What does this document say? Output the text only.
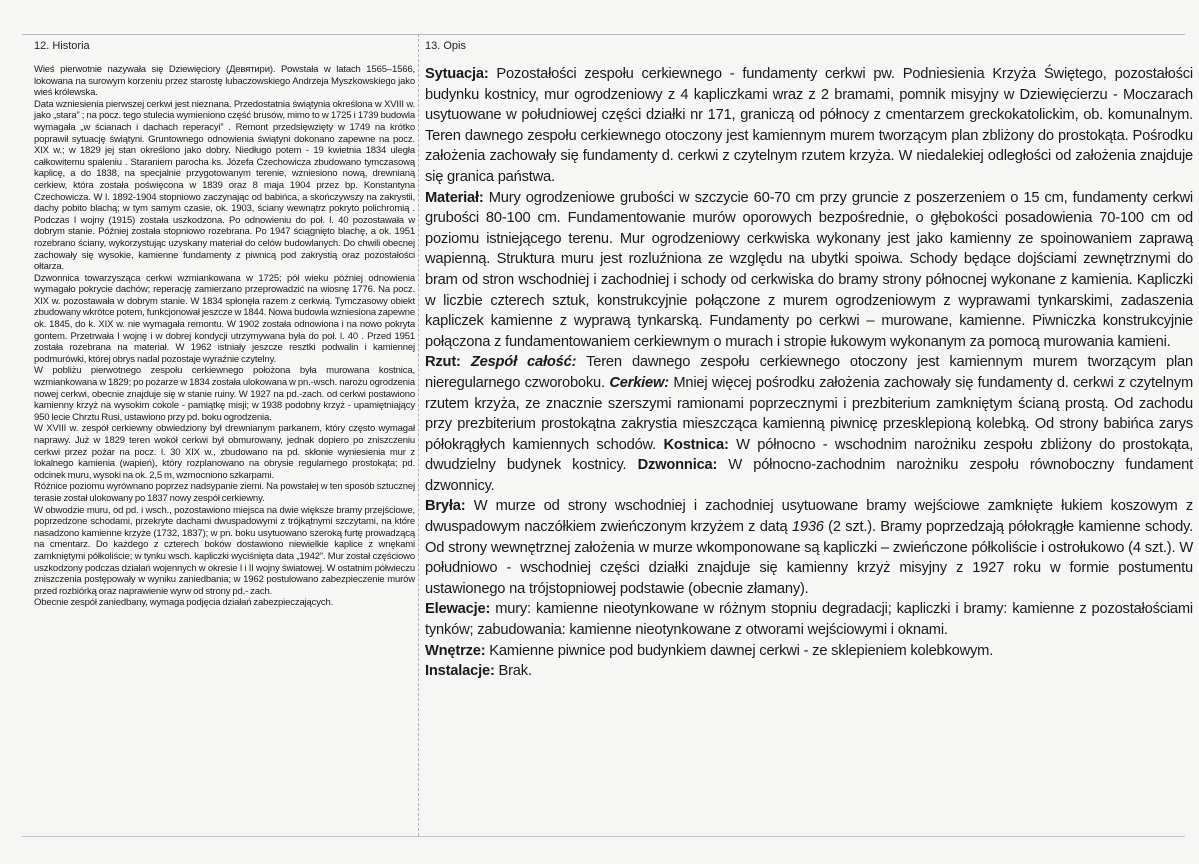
12. Historia

Wieś pierwotnie nazywała się Dziewięciory (Девятири). Powstała w latach 1565–1566, lokowana na surowym korzeniu przez starostę lubaczowskiego Andrzeja Myszkowskiego jako wieś królewska.

Data wzniesienia pierwszej cerkwi jest nieznana. Przedostatnia świątynia określona w XVIII w. jako „stara” ; na pocz. tego stulecia wymieniono część brusów, mimo to w 1725 i 1739 budowla wymagała „w ścianach i dachach reperacyi” . Remont przedsięwzięty w 1749 na krótko poprawił sytuację świątyni. Gruntownego odnowienia świątyni dokonano zapewne na pocz. XIX w.; w 1829 jej stan określono jako dobry. Niedługo potem - 19 kwietnia 1834 uległa całkowitemu spaleniu . Staraniem parocha ks. Józefa Czechowicza zbudowano tymczasową kaplicę, a do 1838, na specjalnie przygotowanym terenie, wzniesiono nową, drewnianą cerkiew, która została poświęcona w 1839 oraz 8 maja 1904 przez bp. Konstantyna Czechowicza. W l. 1892-1904 stopniowo zaczynając od babińca, a skończywszy na zakrystii, dachy pobito blachą; w tym samym czasie, ok. 1903, ściany wewnątrz pokryto polichromią . Podczas I wojny (1915) została uszkodzona. Po odnowieniu do poł. l. 40 pozostawała w dobrym stanie. Później została stopniowo rozebrana. Po 1947 ściągnięto blachę, a ok. 1951 rozebrano ściany, wykorzystując uzyskany materiał do celów budowlanych. Do chwili obecnej zachowały się wysokie, kamienne fundamenty z piwnicą pod zakrystią oraz pozostałości ołtarza.

Dzwonnica towarzysząca cerkwi wzmiankowana w 1725; pół wieku później odnowienia wymagało pokrycie dachów; reperację zamierzano przeprowadzić na wiosnę 1776. Na pocz. XIX w. pozostawała w dobrym stanie. W 1834 spłonęła razem z cerkwią. Tymczasowy obiekt zbudowany wkrótce potem, funkcjonował jeszcze w 1844. Nowa budowla wzniesiona zapewne ok. 1845, do k. XIX w. nie wymagała remontu. W 1902 została odnowiona i na nowo pokryta gontem. Przetrwała I wojnę i w dobrej kondycji utrzymywana była do poł. l. 40 . Przed 1951 została rozebrana na materiał. W 1962 istniały jeszcze resztki podwalin i kamiennej podmurówki, której obrys nadal pozostaje wyraźnie czytelny.

W pobliżu pierwotnego zespołu cerkiewnego położona była murowana kostnica, wzmiankowana w 1829; po pożarze w 1834 została ulokowana w pn.-wsch. narożu ogrodzenia nowej cerkwi, obecnie znajduje się w stanie ruiny. W 1927 na pd.-zach. od cerkwi postawiono kamienny krzyż na wysokim cokole - pamiątkę misji; w 1938 podobny krzyż - upamiętniający 950 lecie Chrztu Rusi, ustawiono przy pd. boku ogrodzenia.

W XVIII w. zespół cerkiewny obwiedziony był drewnianym parkanem, który często wymagał naprawy. Już w 1829 teren wokół cerkwi był obmurowany, jednak dopiero po zniszczeniu cerkwi przez pożar na pocz. l. 30 XIX w., zbudowano na pd. skłonie wyniesienia mur z lokalnego kamienia (wapień), który rozplanowano na obrysie regularnego prostokąta; pd. odcinek muru, wysoki na ok. 2,5 m, wzmocniono szkarpami.

Różnice poziomu wyrównano poprzez nadsypanie ziemi. Na powstałej w ten sposób sztucznej terasie został ulokowany po 1837 nowy zespół cerkiewny.

W obwodzie muru, od pd. i wsch., pozostawiono miejsca na dwie większe bramy przejściowe, poprzedzone schodami, przekryte dachami dwuspadowymi z trójkątnymi szczytami, na które nasadzono kamienne krzyże (1732, 1837); w pn. boku usytuowano szeroką furtę prowadzącą na cmentarz. Do każdego z czterech boków dostawiono niewielkie kaplice z wnękami zamkniętymi półkoliście; w tynku wsch. kapliczki wyciśnięta data „1942”. Mur został częściowo uszkodzony podczas działań wojennych w okresie I i II wojny światowej. W ostatnim półwieczu zniszczenia postępowały w wyniku zaniedbania; w 1962 postulowano zabezpieczenie murów przed rozbiórką oraz naprawienie wyrw od strony pd.- zach.

Obecnie zespół zaniedbany, wymaga podjęcia działań zabezpieczających.

13. Opis

Sytuacja: Pozostałości zespołu cerkiewnego - fundamenty cerkwi pw. Podniesienia Krzyża Świętego, pozostałości budynku kostnicy, mur ogrodzeniowy z 4 kapliczkami wraz z 2 bramami, pomnik misyjny w Dziewięcierzu - Moczarach usytuowane w południowej części działki nr 171, graniczą od północy z cmentarzem greckokatolickim, ob. komunalnym. Teren dawnego zespołu cerkiewnego otoczony jest kamiennym murem tworzącym plan zbliżony do prostokąta. Pośrodku założenia zachowały się fundamenty d. cerkwi z czytelnym rzutem krzyża. W niedalekiej odległości od założenia znajduje się granica państwa.

Materiał: Mury ogrodzeniowe grubości w szczycie 60-70 cm przy gruncie z poszerzeniem o 15 cm, fundamenty cerkwi grubości 80-100 cm. Fundamentowanie murów oporowych bezpośrednie, o głębokości posadowienia 70-100 cm od poziomu istniejącego terenu. Mur ogrodzeniowy cerkwiska wykonany jest jako kamienny ze spoinowaniem zaprawą wapienną. Struktura muru jest rozluźniona ze względu na ubytki spoiwa. Schody będące dojściami zewnętrznymi do bram od stron wschodniej i zachodniej i schody od cerkwiska do bramy strony północnej wykonane z kamienia. Kapliczki w liczbie czterech sztuk, konstrukcyjnie połączone z murem ogrodzeniowym z wyprawami tynkarskimi, zadaszenia kapliczek kamienne z wyprawą tynkarską. Fundamenty po cerkwi – murowane, kamienne. Piwniczka konstrukcyjnie połączona z fundamentowaniem cerkiewnym o murach i stropie łukowym wykonanym za pomocą murowania kamieni.

Rzut: Zespół całość: Teren dawnego zespołu cerkiewnego otoczony jest kamiennym murem tworzącym plan nieregularnego czworoboku. Cerkiew: Mniej więcej pośrodku założenia zachowały się fundamenty d. cerkwi z czytelnym rzutem krzyża, ze znacznie szerszymi ramionami poprzecznymi i prezbiterium zamkniętym ścianą prostą. Od zachodu przy prezbiterium prostokątna zakrystia mieszcząca kamienną piwnicę przesklepioną kolebką. Od strony babińca zarys półokrągłych kamiennych schodów. Kostnica: W północno - wschodnim narożniku zespołu zbliżony do prostokąta, dwudzielny budynek kostnicy. Dzwonnica: W północno-zachodnim narożniku zespołu równoboczny fundament dzwonnicy.

Bryła: W murze od strony wschodniej i zachodniej usytuowane bramy wejściowe zamknięte łukiem koszowym z dwuspadowym naczółkiem zwieńczonym krzyżem z datą 1936 (2 szt.). Bramy poprzedzają półokrągłe kamienne schody. Od strony wewnętrznej założenia w murze wkomponowane są kapliczki – zwieńczone półkoliście i ostrołukowo (4 szt.). W południowo - wschodniej części działki znajduje się kamienny krzyż misyjny z 1927 roku w formie postumentu ustawionego na trójstopniowej podstawie (obecnie złamany).

Elewacje: mury: kamienne nieotynkowane w różnym stopniu degradacji; kapliczki i bramy: kamienne z pozostałościami tynków; zabudowania: kamienne nieotynkowane z otworami wejściowymi i oknami.

Wnętrze: Kamienne piwnice pod budynkiem dawnej cerkwi - ze sklepieniem kolebkowym.

Instalacje: Brak.
